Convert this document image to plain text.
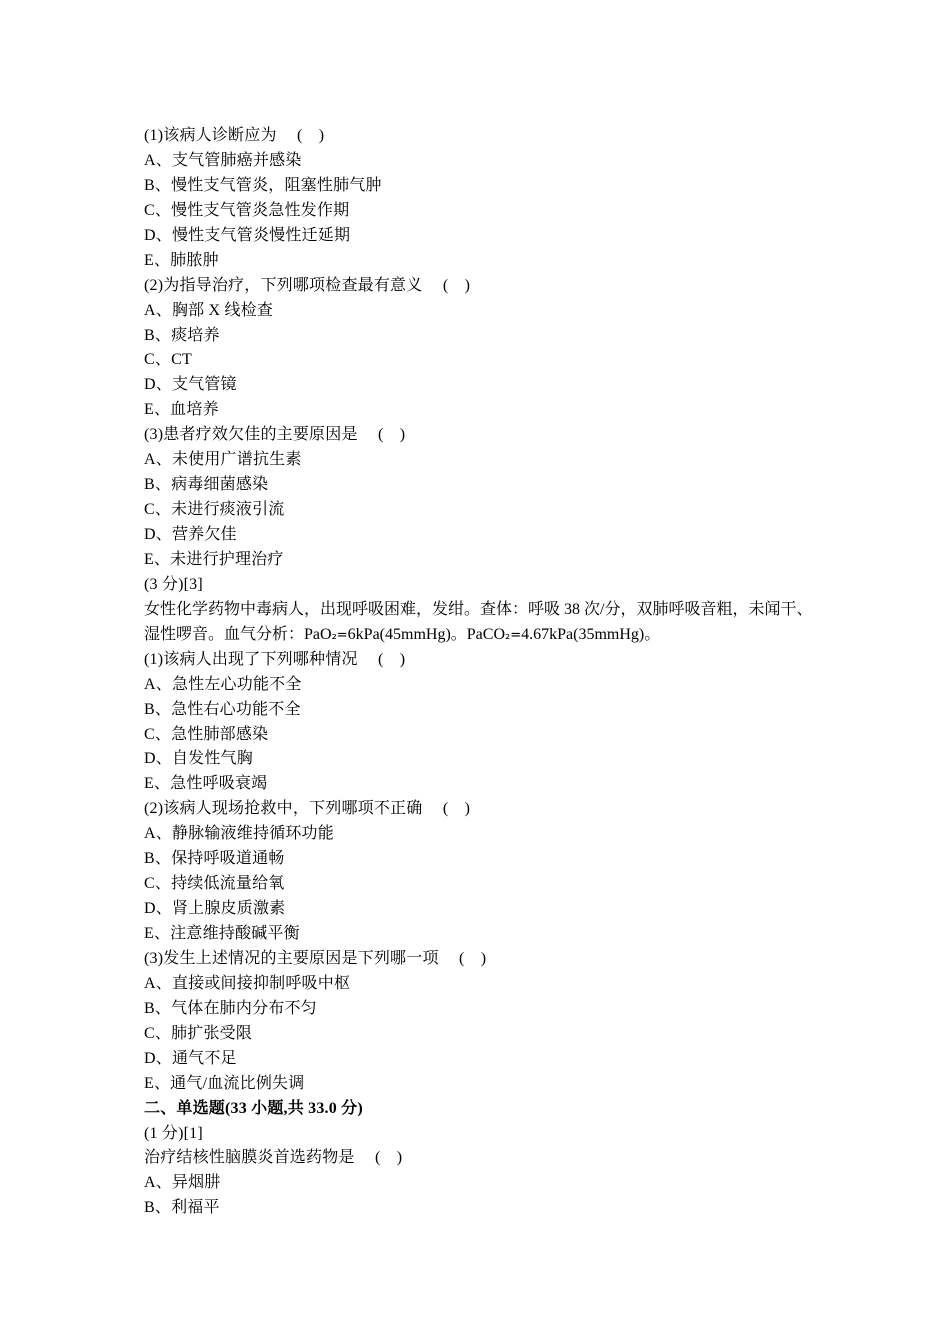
(1)该病人诊断应为　 (　)
A、支气管肺癌并感染
B、慢性支气管炎，阻塞性肺气肿
C、慢性支气管炎急性发作期
D、慢性支气管炎慢性迁延期
E、肺脓肿
(2)为指导治疗，下列哪项检查最有意义　 (　)
A、胸部 X 线检查
B、痰培养
C、CT
D、支气管镜
E、血培养
(3)患者疗效欠佳的主要原因是　 (　)
A、未使用广谱抗生素
B、病毒细菌感染
C、未进行痰液引流
D、营养欠佳
E、未进行护理治疗
(3 分)[3]
女性化学药物中毒病人，出现呼吸困难，发绀。查体：呼吸 38 次/分，双肺呼吸音粗，未闻干、
湿性啰音。血气分析：PaO₂=6kPa(45mmHg)。PaCO₂=4.67kPa(35mmHg)。
(1)该病人出现了下列哪种情况　 (　)
A、急性左心功能不全
B、急性右心功能不全
C、急性肺部感染
D、自发性气胸
E、急性呼吸衰竭
(2)该病人现场抢救中，下列哪项不正确　 (　)
A、静脉输液维持循环功能
B、保持呼吸道通畅
C、持续低流量给氧
D、肾上腺皮质激素
E、注意维持酸碱平衡
(3)发生上述情况的主要原因是下列哪一项　 (　)
A、直接或间接抑制呼吸中枢
B、气体在肺内分布不匀
C、肺扩张受限
D、通气不足
E、通气/血流比例失调
二、单选题(33 小题,共 33.0 分)
(1 分)[1]
治疗结核性脑膜炎首选药物是　 (　)
A、异烟肼
B、利福平
